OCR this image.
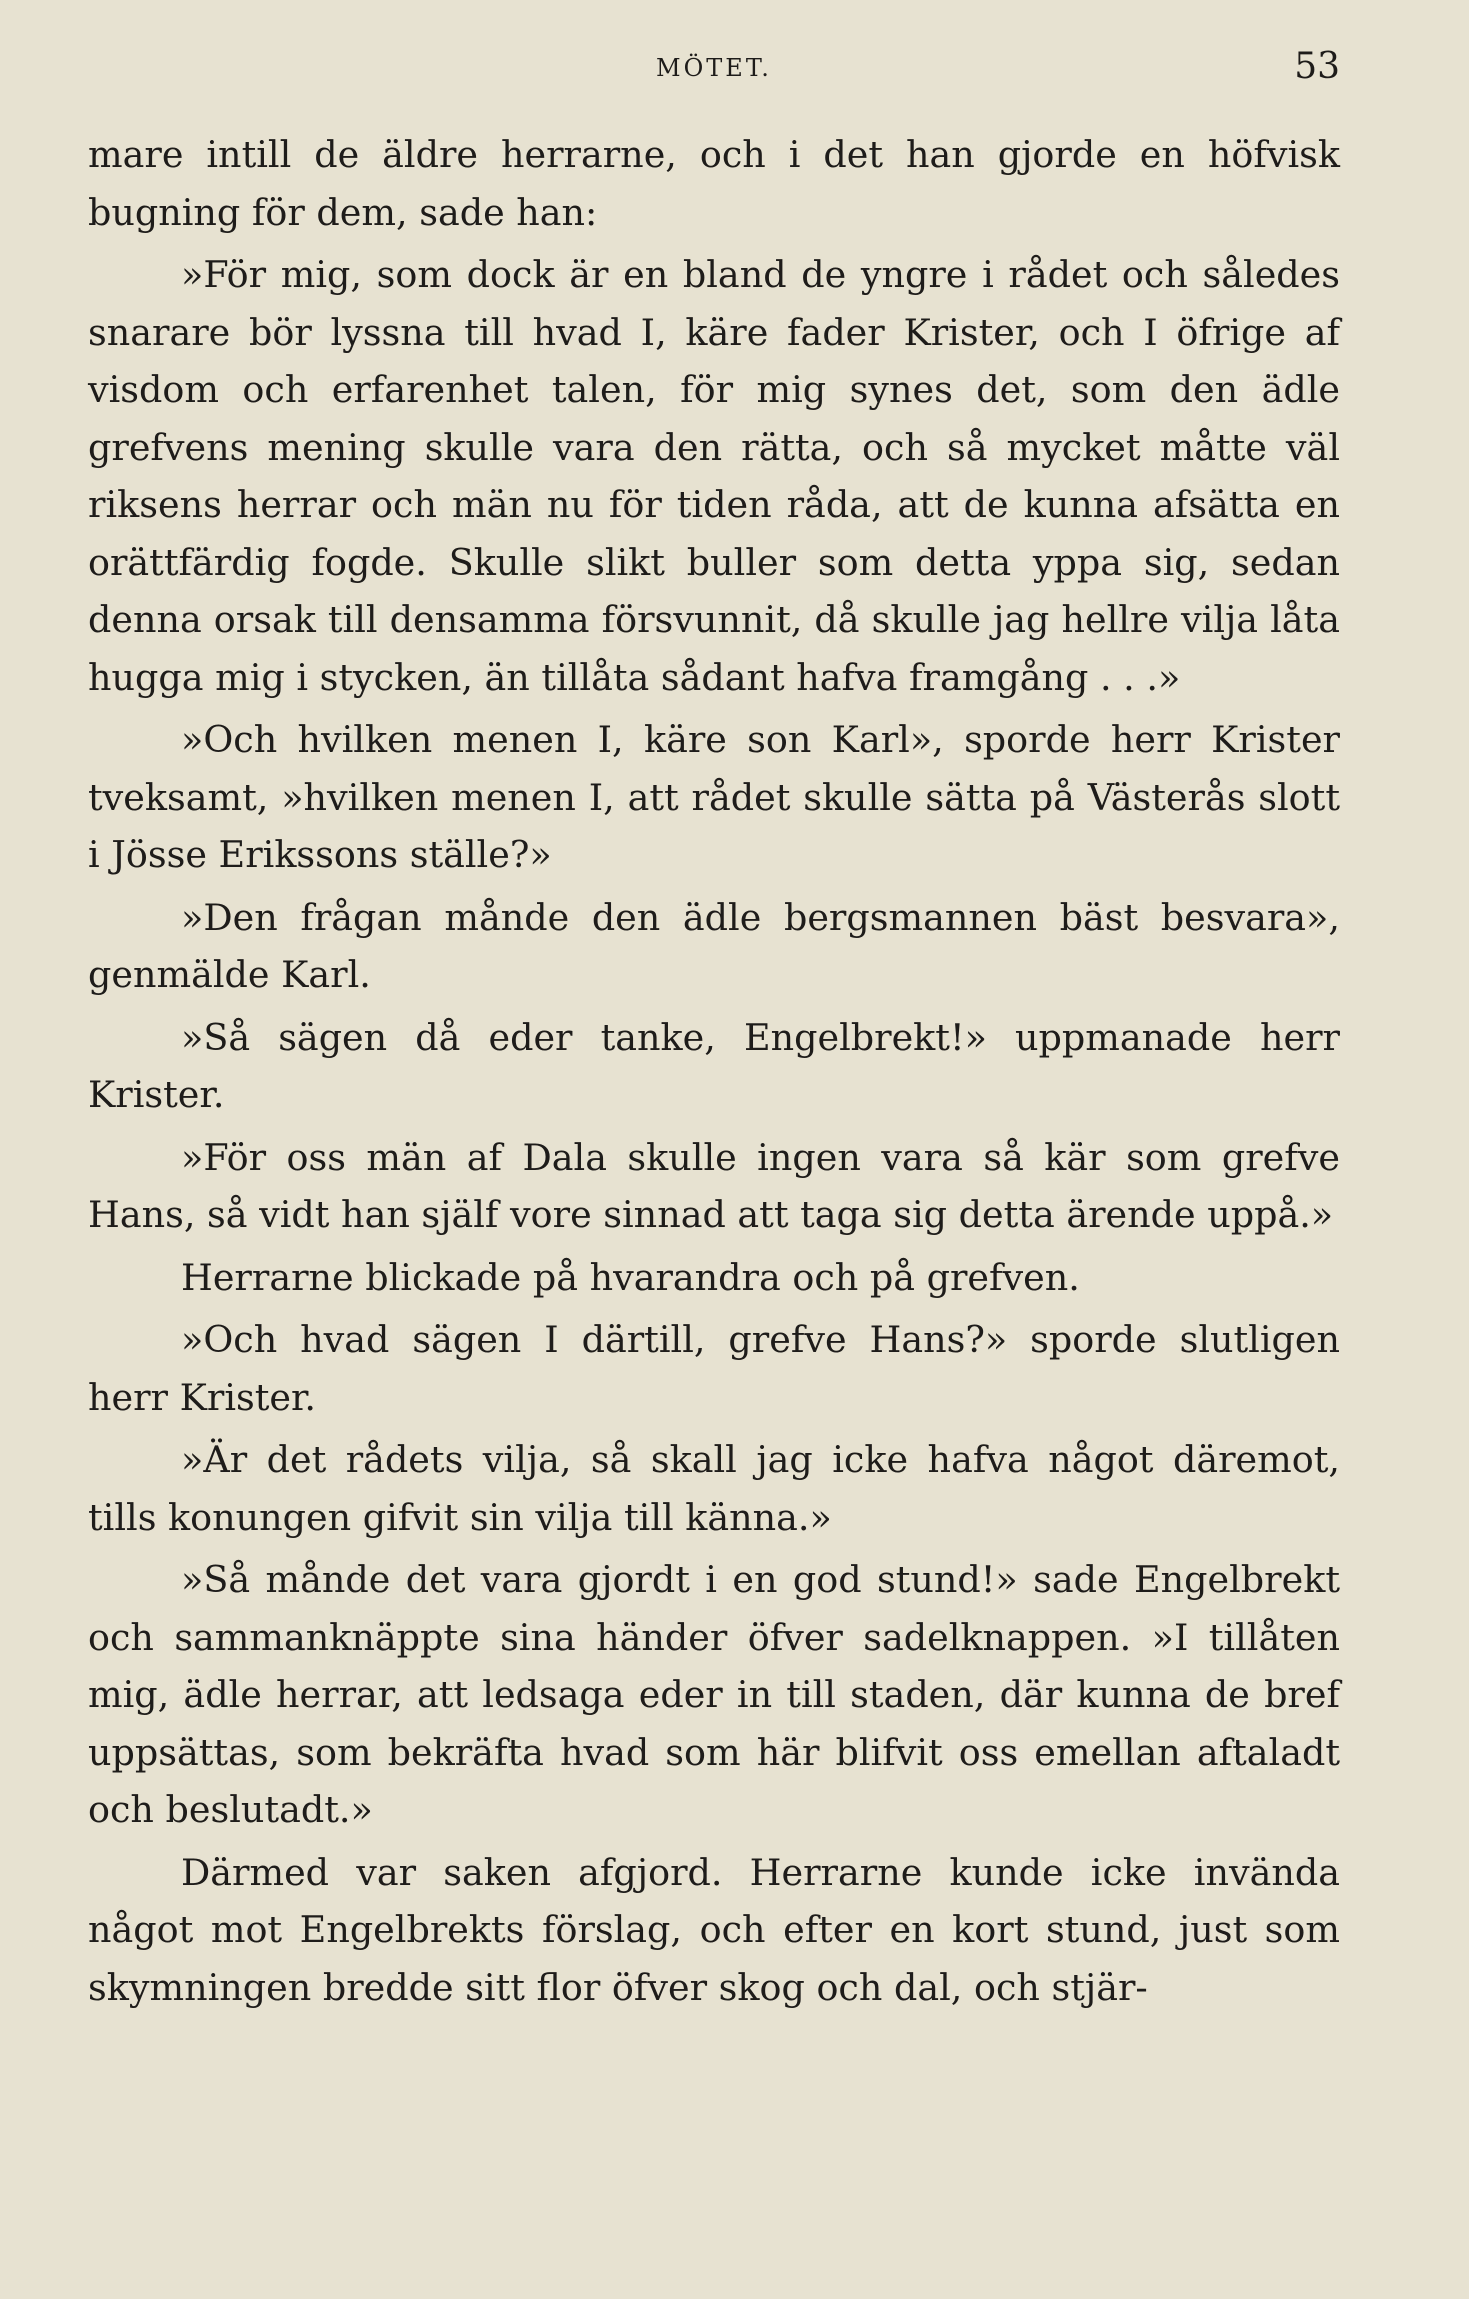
MÖTET.	53

mare intill de äldre herrarne, och i det han gjorde en höfvisk bugning för dem, sade han:

»För mig, som dock är en bland de yngre i rådet och således snarare bör lyssna till hvad I, käre fader Krister, och I öfrige af visdom och erfarenhet talen, för mig synes det, som den ädle grefvens mening skulle vara den rätta, och så mycket måtte väl riksens herrar och män nu för tiden råda, att de kunna afsätta en orättfärdig fogde. Skulle slikt buller som detta yppa sig, sedan denna orsak till densamma försvunnit, då skulle jag hellre vilja låta hugga mig i stycken, än tillåta sådant hafva framgång . . .»

»Och hvilken menen I, käre son Karl», sporde herr Krister tveksamt, »hvilken menen I, att rådet skulle sätta på Västerås slott i Jösse Erikssons ställe?»

»Den frågan månde den ädle bergsmannen bäst besvara», genmälde Karl.

»Så sägen då eder tanke, Engelbrekt!» uppmanade herr Krister.

»För oss män af Dala skulle ingen vara så kär som grefve Hans, så vidt han själf vore sinnad att taga sig detta ärende uppå.»

Herrarne blickade på hvarandra och på grefven.

»Och hvad sägen I därtill, grefve Hans?» sporde slutligen herr Krister.

»Är det rådets vilja, så skall jag icke hafva något däremot, tills konungen gifvit sin vilja till känna.»

»Så månde det vara gjordt i en god stund!» sade Engelbrekt och sammanknäppte sina händer öfver sadelknappen. »I tillåten mig, ädle herrar, att ledsaga eder in till staden, där kunna de bref uppsättas, som bekräfta hvad som här blifvit oss emellan aftaladt och beslutadt.»

Därmed var saken afgjord. Herrarne kunde icke invända något mot Engelbrekts förslag, och efter en kort stund, just som skymningen bredde sitt flor öfver skog och dal, och stjär-
